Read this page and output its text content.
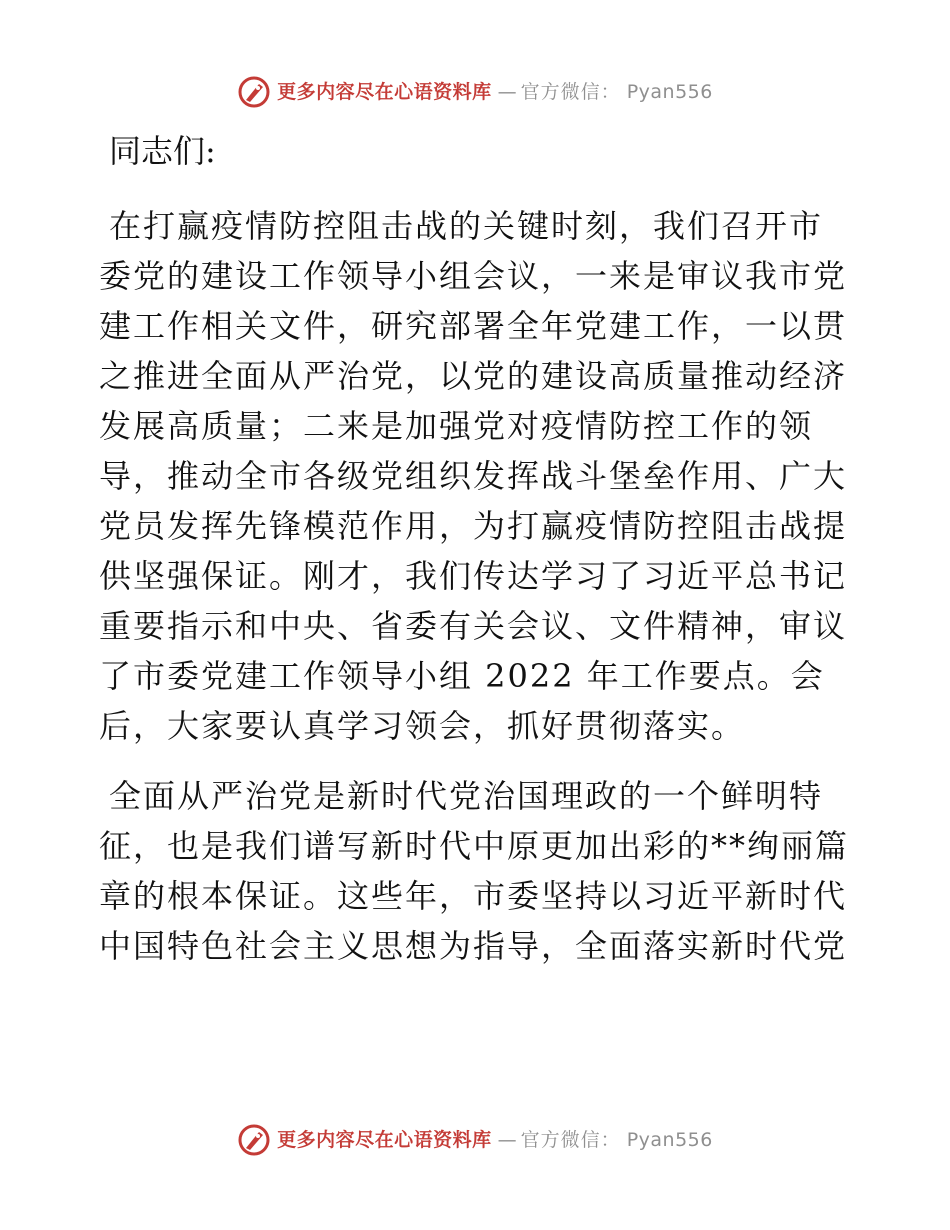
更多内容尽在心语资料库 — 官方微信： Pyan556
同志们:

在打赢疫情防控阻击战的关键时刻，我们召开市
委党的建设工作领导小组会议，一来是审议我市党
建工作相关文件，研究部署全年党建工作，一以贯
之推进全面从严治党，以党的建设高质量推动经济
发展高质量；二来是加强党对疫情防控工作的领
导，推动全市各级党组织发挥战斗堡垒作用、广大
党员发挥先锋模范作用，为打赢疫情防控阻击战提
供坚强保证。刚才，我们传达学习了习近平总书记
重要指示和中央、省委有关会议、文件精神，审议
了市委党建工作领导小组 2022 年工作要点。会
后，大家要认真学习领会，抓好贯彻落实。

全面从严治党是新时代党治国理政的一个鲜明特
征，也是我们谱写新时代中原更加出彩的**绚丽篇
章的根本保证。这些年，市委坚持以习近平新时代
中国特色社会主义思想为指导，全面落实新时代党

更多内容尽在心语资料库 — 官方微信： Pyan556
